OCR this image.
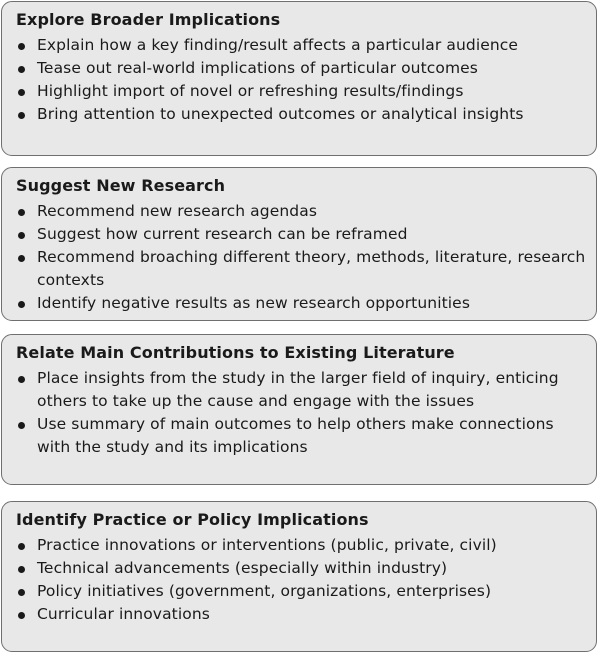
Explore Broader Implications
Explain how a key finding/result affects a particular audience
Tease out real-world implications of particular outcomes
Highlight import of novel or refreshing results/findings
Bring attention to unexpected outcomes or analytical insights
Suggest New Research
Recommend new research agendas
Suggest how current research can be reframed
Recommend broaching different theory, methods, literature, research contexts
Identify negative results as new research opportunities
Relate Main Contributions to Existing Literature
Place insights from the study in the larger field of inquiry, enticing others to take up the cause and engage with the issues
Use summary of main outcomes to help others make connections with the study and its implications
Identify Practice or Policy Implications
Practice innovations or interventions (public, private, civil)
Technical advancements (especially within industry)
Policy initiatives (government, organizations, enterprises)
Curricular innovations
